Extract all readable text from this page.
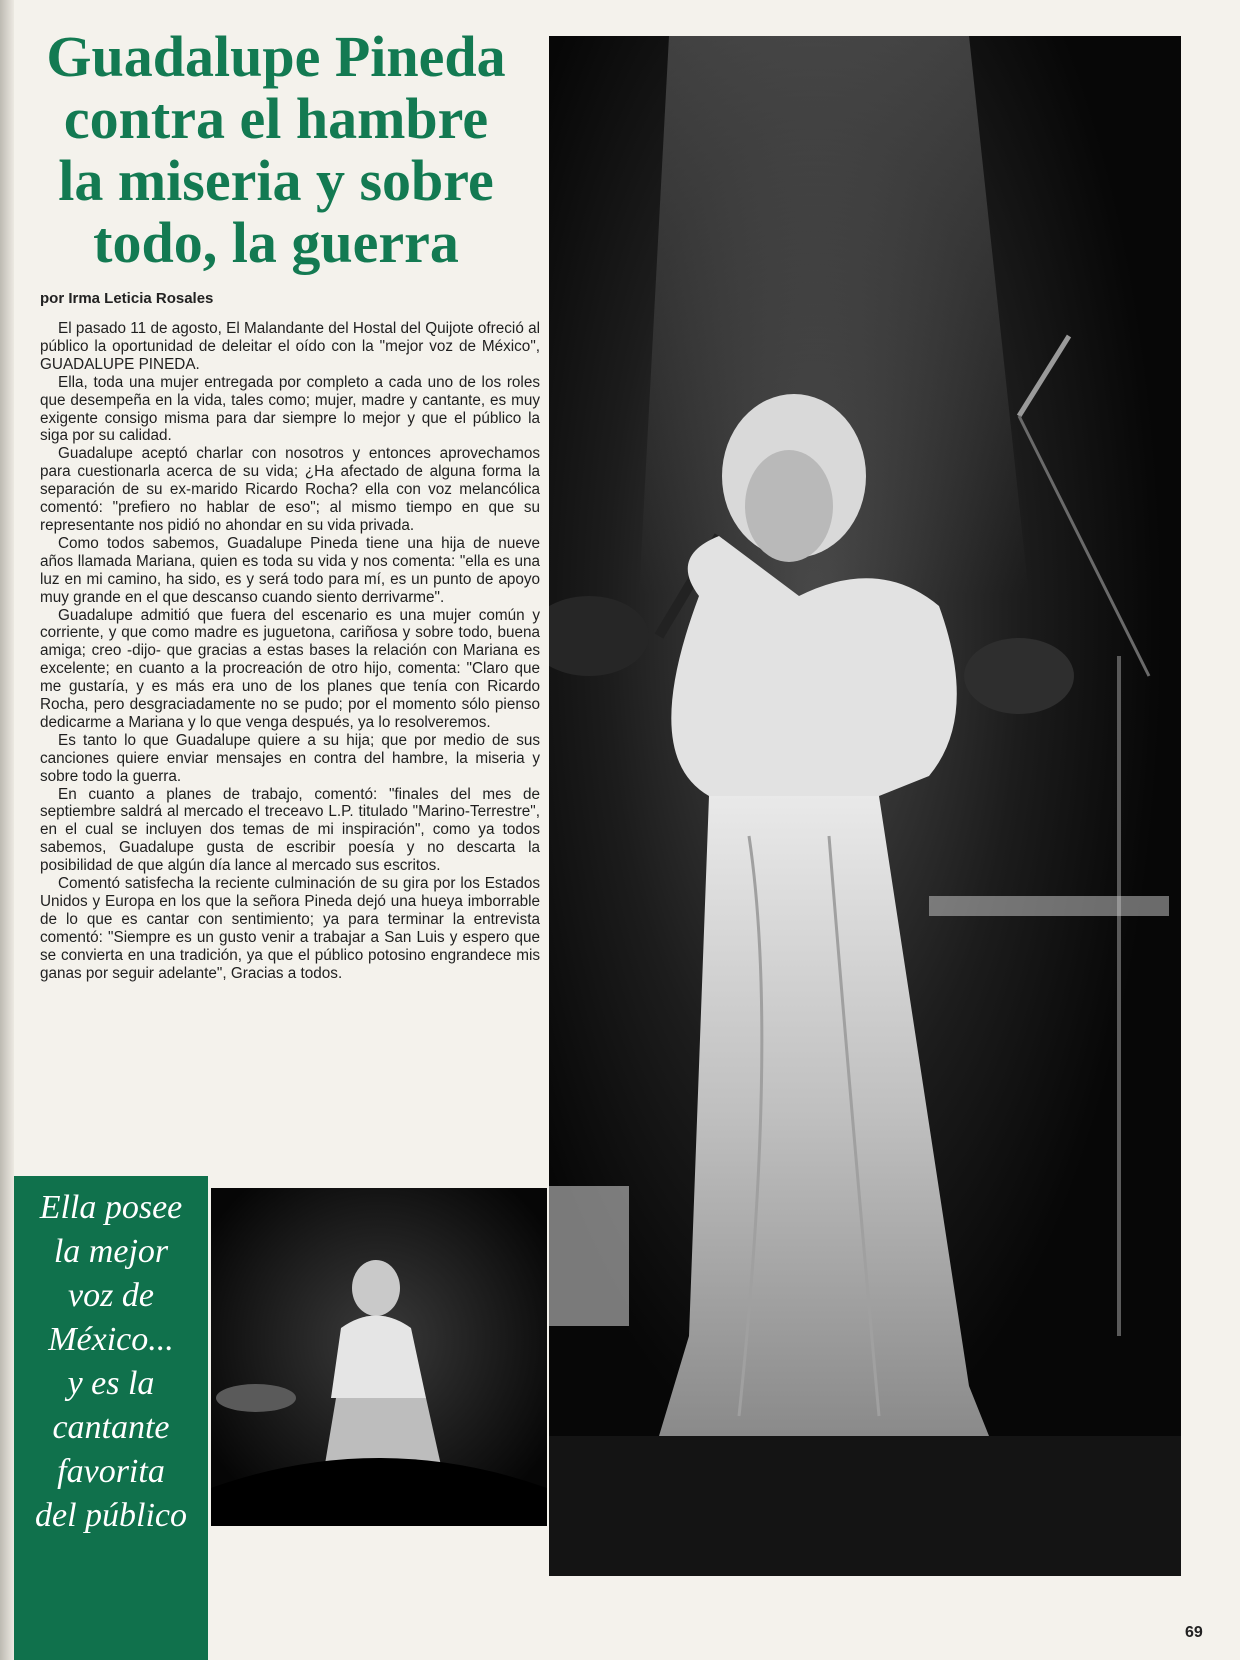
Guadalupe Pineda
contra el hambre
la miseria y sobre
todo, la guerra
por Irma Leticia Rosales

El pasado 11 de agosto, El Malandante del Hostal del Quijote ofreció al público la oportunidad de deleitar el oído con la "mejor voz de México", GUADALUPE PINEDA.

Ella, toda una mujer entregada por completo a cada uno de los roles que desempeña en la vida, tales como; mujer, madre y cantante, es muy exigente consigo misma para dar siempre lo mejor y que el público la siga por su calidad.

Guadalupe aceptó charlar con nosotros y entonces aprovechamos para cuestionarla acerca de su vida; ¿Ha afectado de alguna forma la separación de su ex-marido Ricardo Rocha? ella con voz melancólica comentó: "prefiero no hablar de eso"; al mismo tiempo en que su representante nos pidió no ahondar en su vida privada.

Como todos sabemos, Guadalupe Pineda tiene una hija de nueve años llamada Mariana, quien es toda su vida y nos comenta: "ella es una luz en mi camino, ha sido, es y será todo para mí, es un punto de apoyo muy grande en el que descanso cuando siento derrivarme".

Guadalupe admitió que fuera del escenario es una mujer común y corriente, y que como madre es juguetona, cariñosa y sobre todo, buena amiga; creo -dijo- que gracias a estas bases la relación con Mariana es excelente; en cuanto a la procreación de otro hijo, comenta: "Claro que me gustaría, y es más era uno de los planes que tenía con Ricardo Rocha, pero desgraciadamente no se pudo; por el momento sólo pienso dedicarme a Mariana y lo que venga después, ya lo resolveremos.

Es tanto lo que Guadalupe quiere a su hija; que por medio de sus canciones quiere enviar mensajes en contra del hambre, la miseria y sobre todo la guerra.

En cuanto a planes de trabajo, comentó: "finales del mes de septiembre saldrá al mercado el treceavo L.P. titulado "Marino-Terrestre", en el cual se incluyen dos temas de mi inspiración", como ya todos sabemos, Guadalupe gusta de escribir poesía y no descarta la posibilidad de que algún día lance al mercado sus escritos.

Comentó satisfecha la reciente culminación de su gira por los Estados Unidos y Europa en los que la señora Pineda dejó una hueya imborrable de lo que es cantar con sentimiento; ya para terminar la entrevista comentó: "Siempre es un gusto venir a trabajar a San Luis y espero que se convierta en una tradición, ya que el público potosino engrandece mis ganas por seguir adelante", Gracias a todos.

Ella posee
la mejor
voz de
México...
y es la
cantante
favorita
del público
69
